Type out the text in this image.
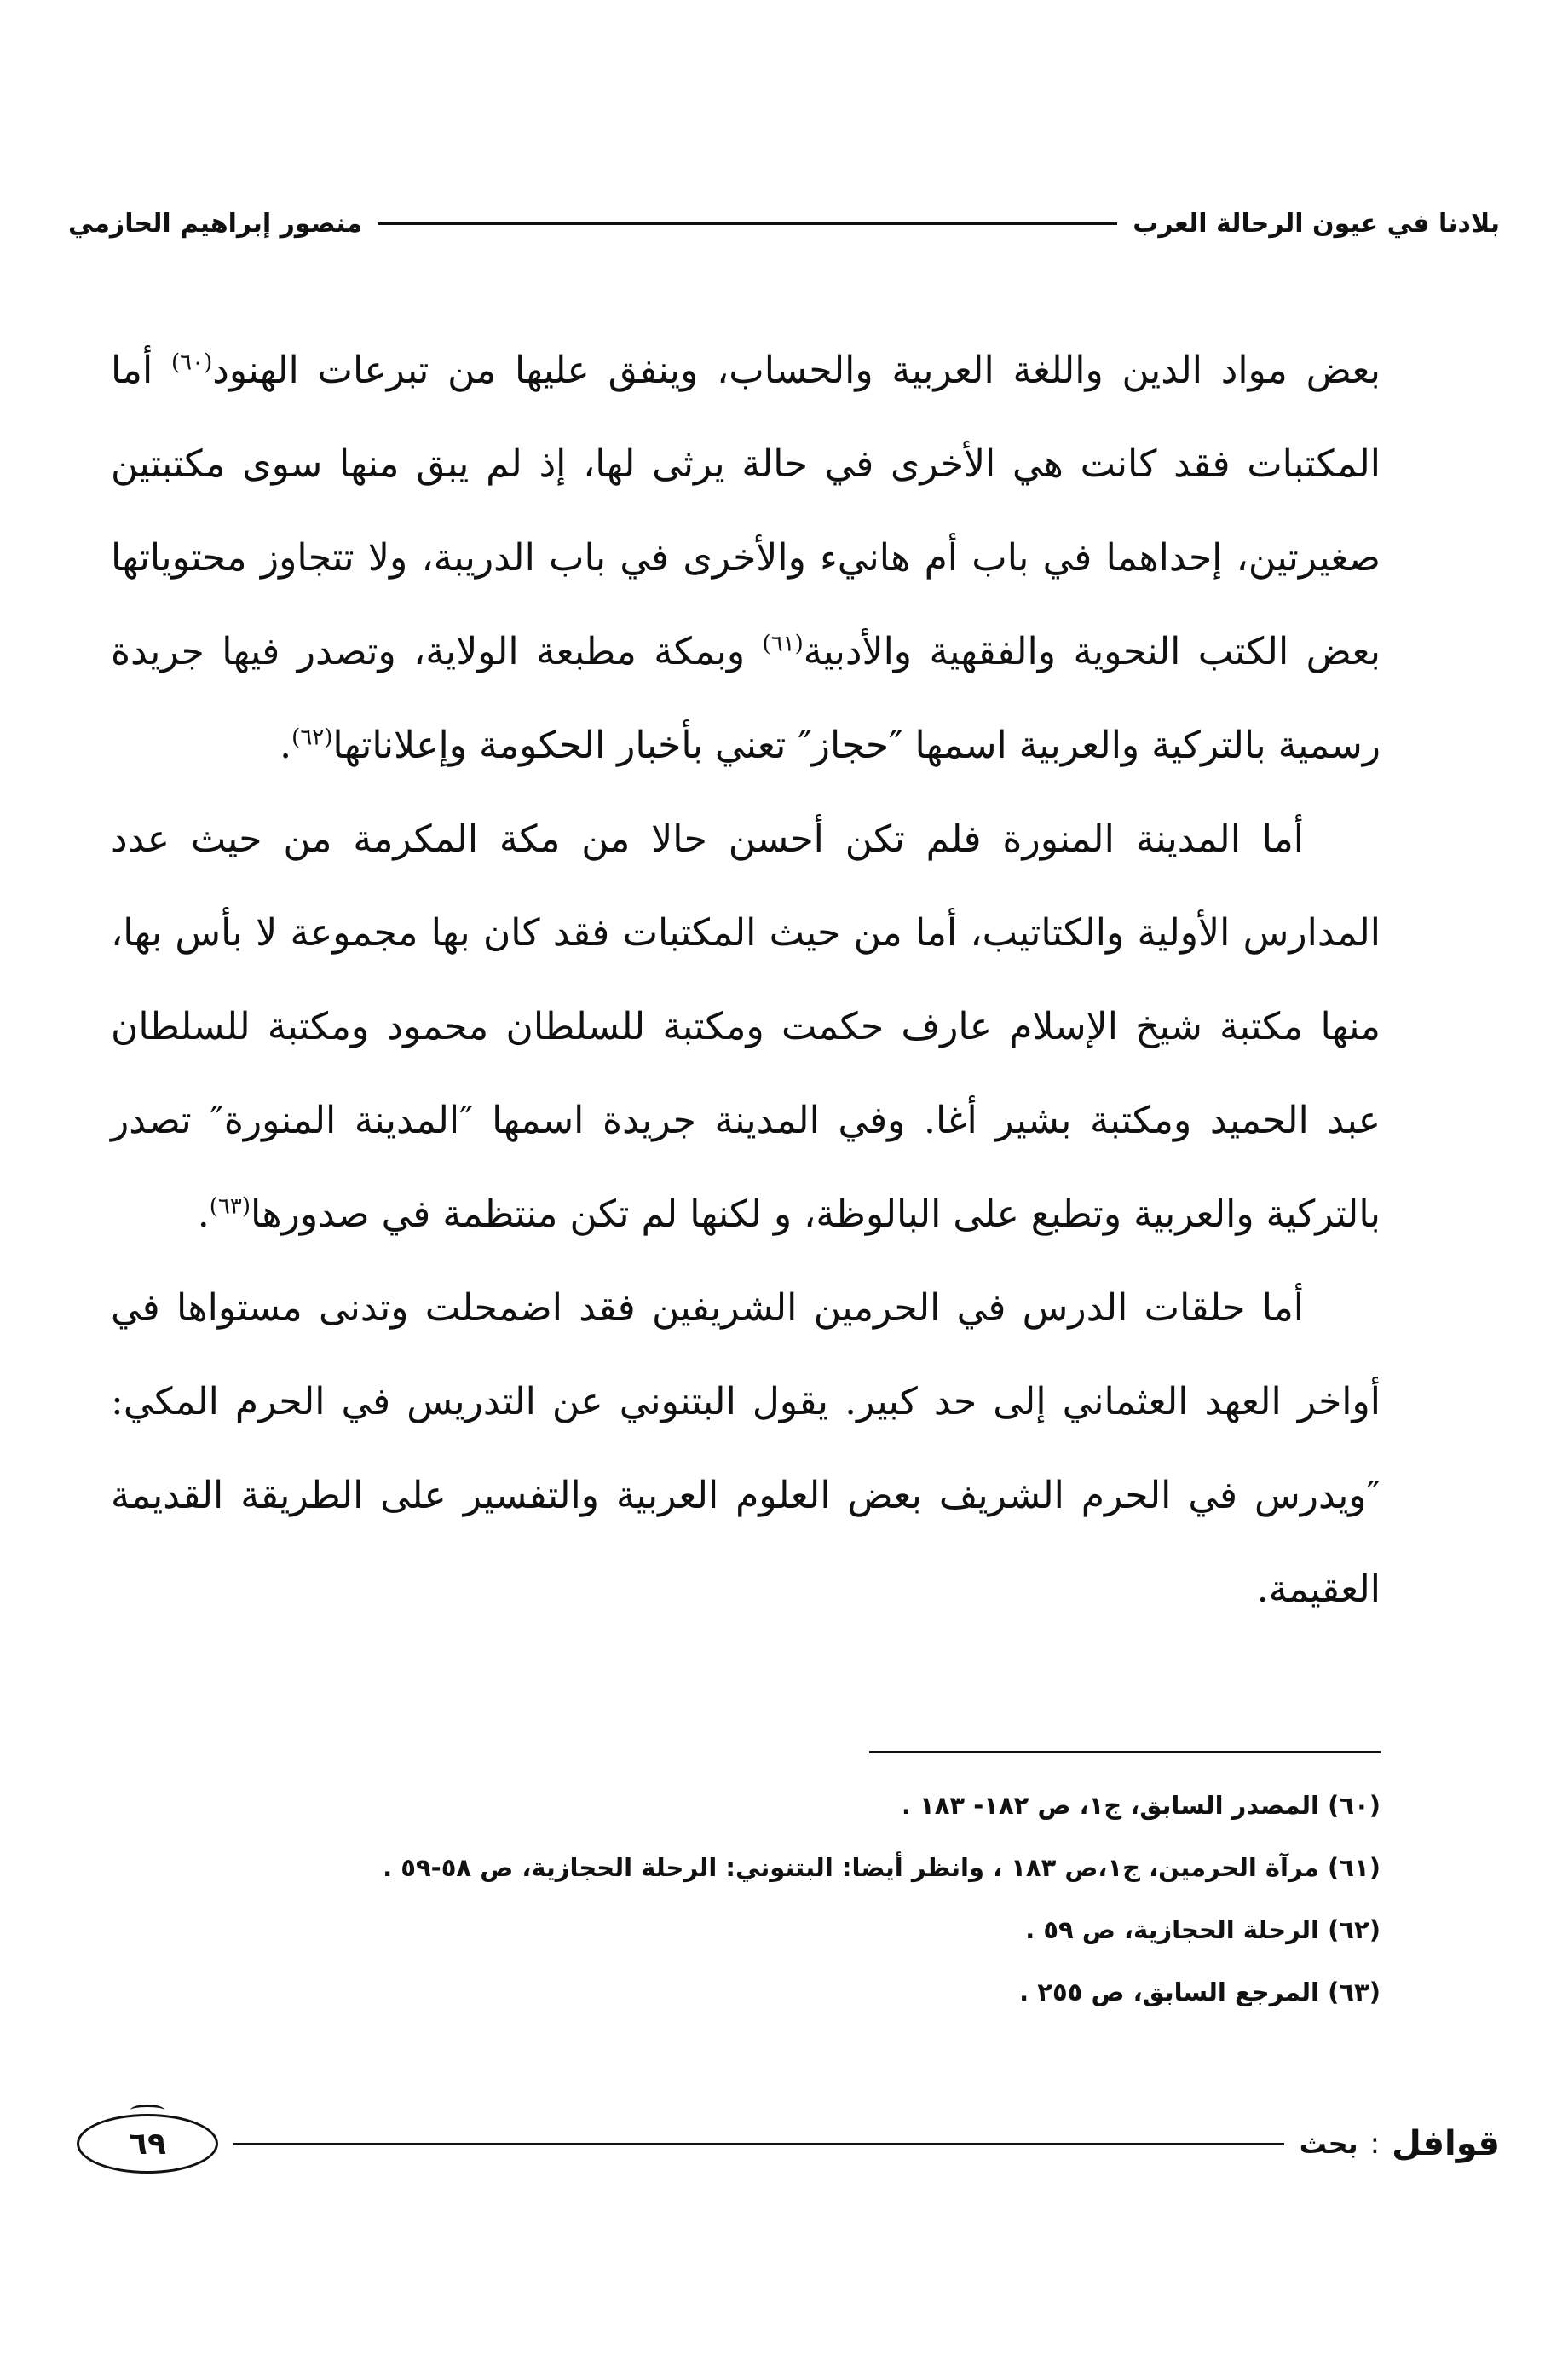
بلادنا في عيون الرحالة العرب
منصور إبراهيم الحازمي

بعض مواد الدين واللغة العربية والحساب، وينفق عليها من تبرعات الهنود$^{(٦٠)}$ أما المكتبات فقد كانت هي الأخرى في حالة يرثى لها، إذ لم يبق منها سوى مكتبتين صغيرتين، إحداهما في باب أم هانيء والأخرى في باب الدريبة، ولا تتجاوز محتوياتها بعض الكتب النحوية والفقهية والأدبية$^{(٦١)}$ وبمكة مطبعة الولاية، وتصدر فيها جريدة رسمية بالتركية والعربية اسمها ″حجاز″ تعني بأخبار الحكومة وإعلاناتها$^{(٦٢)}$.

أما المدينة المنورة فلم تكن أحسن حالا من مكة المكرمة من حيث عدد المدارس الأولية والكتاتيب، أما من حيث المكتبات فقد كان بها مجموعة لا بأس بها، منها مكتبة شيخ الإسلام عارف حكمت ومكتبة للسلطان محمود ومكتبة للسلطان عبد الحميد ومكتبة بشير أغا. وفي المدينة جريدة اسمها ″المدينة المنورة″ تصدر بالتركية والعربية وتطبع على البالوظة، و لكنها لم تكن منتظمة في صدورها$^{(٦٣)}$.

أما حلقات الدرس في الحرمين الشريفين فقد اضمحلت وتدنى مستواها في أواخر العهد العثماني إلى حد كبير. يقول البتنوني عن التدريس في الحرم المكي: ″ويدرس في الحرم الشريف بعض العلوم العربية والتفسير على الطريقة القديمة العقيمة.

(٦٠) المصدر السابق، ج١، ص ١٨٢- ١٨٣ .
(٦١) مرآة الحرمين، ج١،ص ١٨٣ ، وانظر أيضا: البتنوني: الرحلة الحجازية، ص ٥٨-٥٩ .
(٦٢) الرحلة الحجازية، ص ٥٩ .
(٦٣) المرجع السابق، ص ٢٥٥ .
قوافل
:
بحث
٦٩
